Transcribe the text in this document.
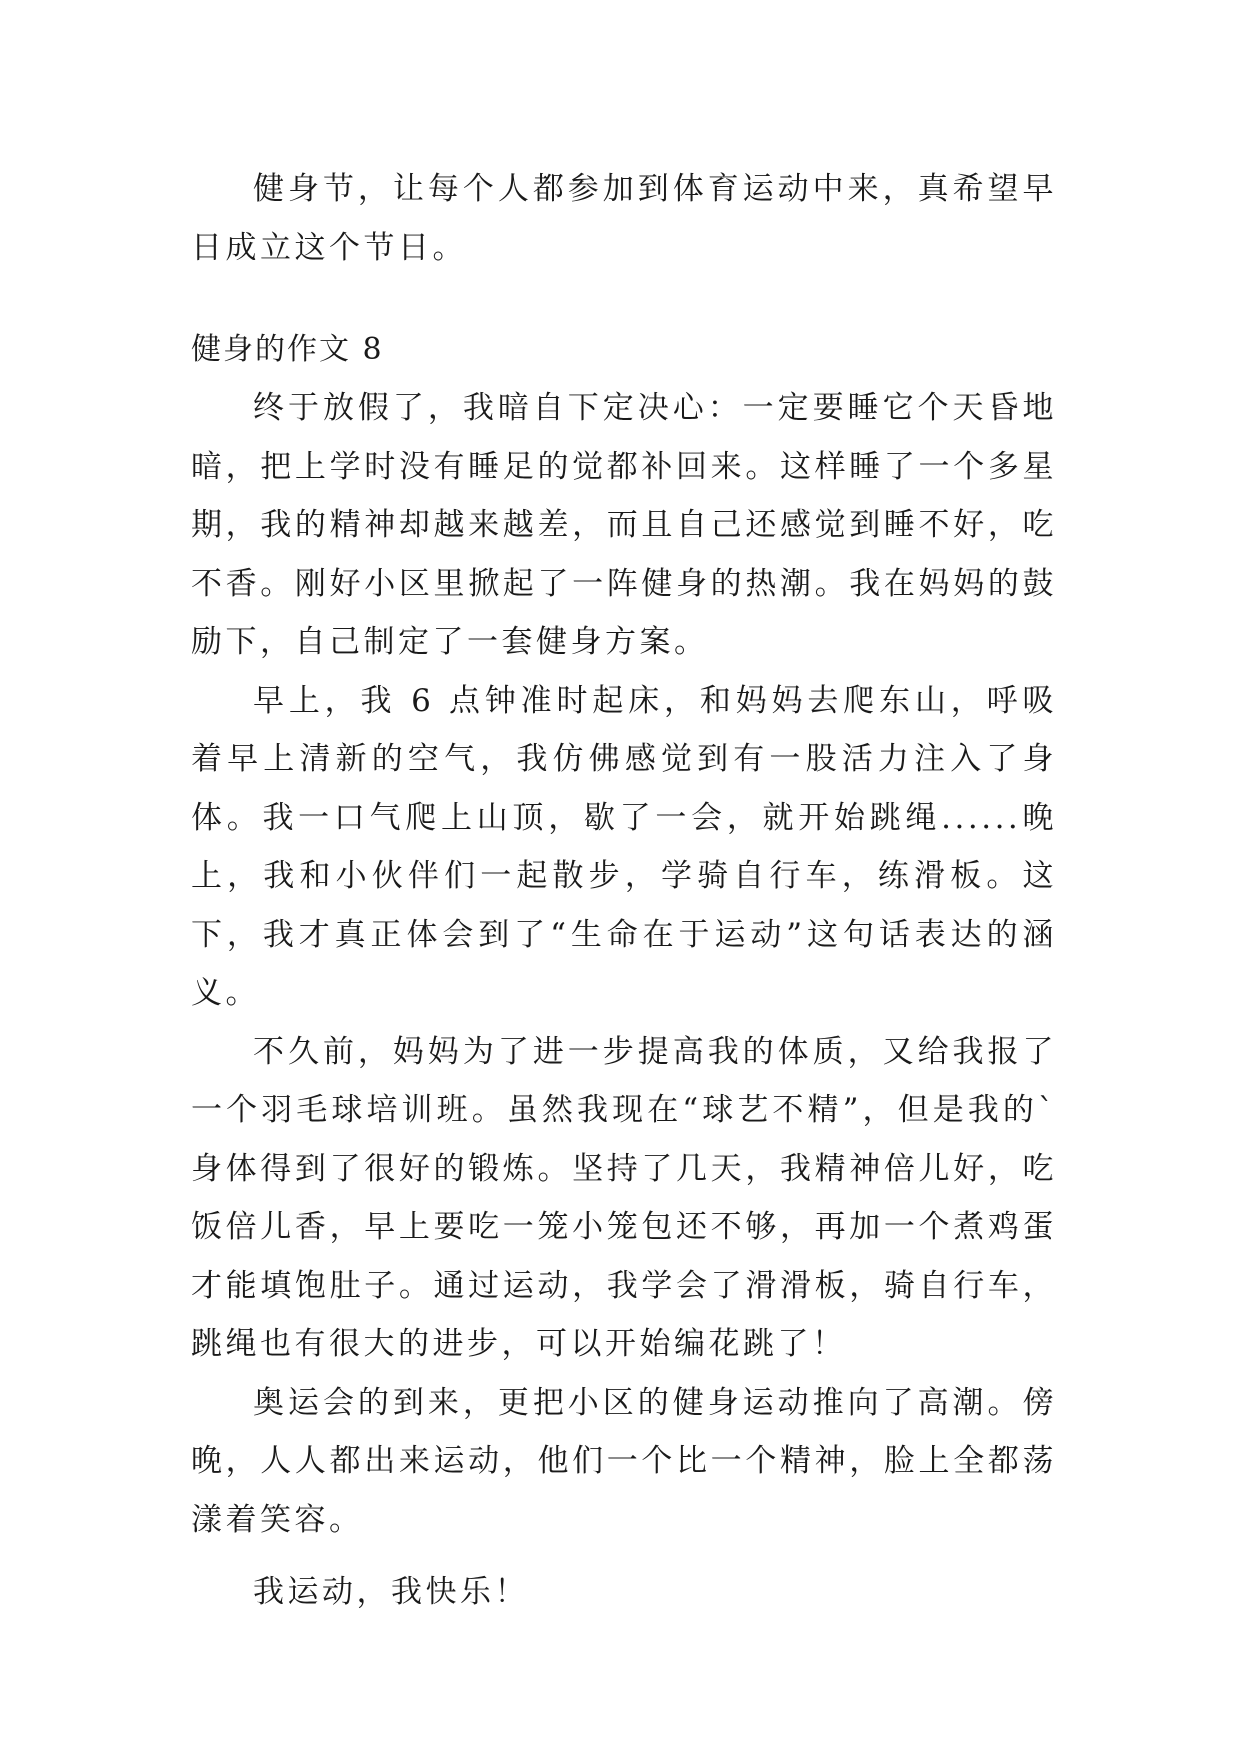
健身节，让每个人都参加到体育运动中来，真希望早日成立这个节日。

健身的作文 8

终于放假了，我暗自下定决心：一定要睡它个天昏地暗，把上学时没有睡足的觉都补回来。这样睡了一个多星期，我的精神却越来越差，而且自己还感觉到睡不好，吃不香。刚好小区里掀起了一阵健身的热潮。我在妈妈的鼓励下，自己制定了一套健身方案。

早上，我 6 点钟准时起床，和妈妈去爬东山，呼吸着早上清新的空气，我仿佛感觉到有一股活力注入了身体。我一口气爬上山顶，歇了一会，就开始跳绳......晚上，我和小伙伴们一起散步，学骑自行车，练滑板。这下，我才真正体会到了“生命在于运动”这句话表达的涵义。

不久前，妈妈为了进一步提高我的体质，又给我报了一个羽毛球培训班。虽然我现在“球艺不精”，但是我的`身体得到了很好的锻炼。坚持了几天，我精神倍儿好，吃饭倍儿香，早上要吃一笼小笼包还不够，再加一个煮鸡蛋才能填饱肚子。通过运动，我学会了滑滑板，骑自行车，跳绳也有很大的进步，可以开始编花跳了！

奥运会的到来，更把小区的健身运动推向了高潮。傍晚，人人都出来运动，他们一个比一个精神，脸上全都荡漾着笑容。

我运动，我快乐！
